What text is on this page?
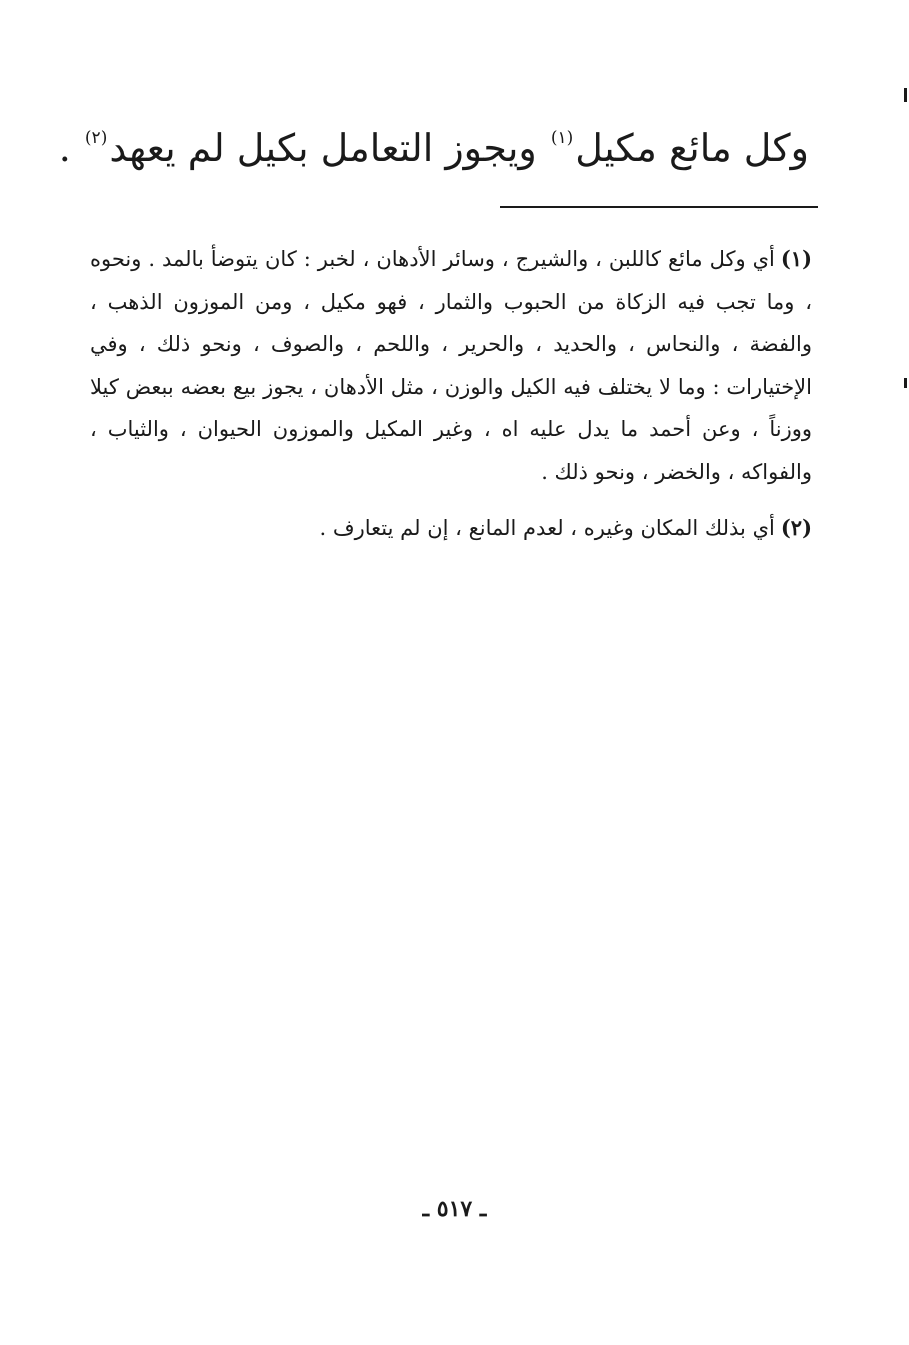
وكل مائع مكيل$^{(١)}$ ويجوز التعامل بكيل لم يعهد$^{(٢)}$ .

(١)أي وكل مائع كاللبن ، والشيرج ، وسائر الأدهان ، لخبر : كان يتوضأ بالمد . ونحوه ، وما تجب فيه الزكاة من الحبوب والثمار ، فهو مكيل ، ومن الموزون الذهب ، والفضة ، والنحاس ، والحديد ، والحرير ، واللحم ، والصوف ، ونحو ذلك ، وفي الإختيارات : وما لا يختلف فيه الكيل والوزن ، مثل الأدهان ، يجوز بيع بعضه ببعض كيلا ووزناً ، وعن أحمد ما يدل عليه اه ، وغير المكيل والموزون الحيوان ، والثياب ، والفواكه ، والخضر ، ونحو ذلك .

(٢)أي بذلك المكان وغيره ، لعدم المانع ، إن لم يتعارف .

ـ ٥١٧ ـ
